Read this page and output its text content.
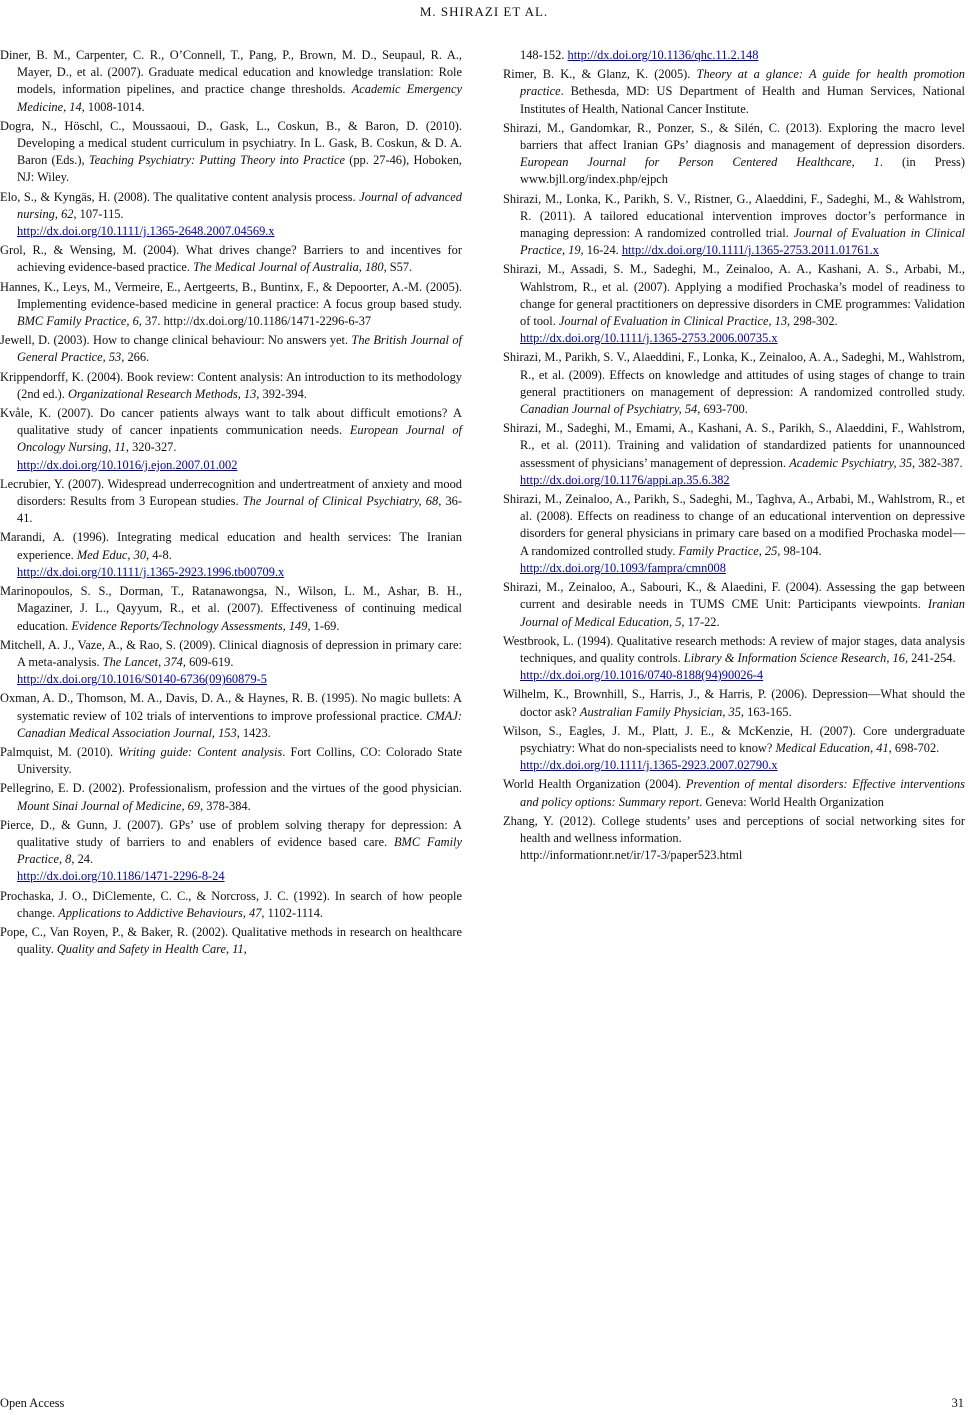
M. SHIRAZI ET AL.

Diner, B. M., Carpenter, C. R., O’Connell, T., Pang, P., Brown, M. D., Seupaul, R. A., Mayer, D., et al. (2007). Graduate medical education and knowledge translation: Role models, information pipelines, and practice change thresholds. Academic Emergency Medicine, 14, 1008-1014.

Dogra, N., Höschl, C., Moussaoui, D., Gask, L., Coskun, B., & Baron, D. (2010). Developing a medical student curriculum in psychiatry. In L. Gask, B. Coskun, & D. A. Baron (Eds.), Teaching Psychiatry: Putting Theory into Practice (pp. 27-46), Hoboken, NJ: Wiley.

Elo, S., & Kyngäs, H. (2008). The qualitative content analysis process. Journal of advanced nursing, 62, 107-115.
http://dx.doi.org/10.1111/j.1365-2648.2007.04569.x

Grol, R., & Wensing, M. (2004). What drives change? Barriers to and incentives for achieving evidence-based practice. The Medical Journal of Australia, 180, S57.

Hannes, K., Leys, M., Vermeire, E., Aertgeerts, B., Buntinx, F., & Depoorter, A.-M. (2005). Implementing evidence-based medicine in general practice: A focus group based study. BMC Family Practice, 6, 37. http://dx.doi.org/10.1186/1471-2296-6-37

Jewell, D. (2003). How to change clinical behaviour: No answers yet. The British Journal of General Practice, 53, 266.

Krippendorff, K. (2004). Book review: Content analysis: An introduction to its methodology (2nd ed.). Organizational Research Methods, 13, 392-394.

Kvåle, K. (2007). Do cancer patients always want to talk about difficult emotions? A qualitative study of cancer inpatients communication needs. European Journal of Oncology Nursing, 11, 320-327.
http://dx.doi.org/10.1016/j.ejon.2007.01.002

Lecrubier, Y. (2007). Widespread underrecognition and undertreatment of anxiety and mood disorders: Results from 3 European studies. The Journal of Clinical Psychiatry, 68, 36-41.

Marandi, A. (1996). Integrating medical education and health services: The Iranian experience. Med Educ, 30, 4-8.
http://dx.doi.org/10.1111/j.1365-2923.1996.tb00709.x

Marinopoulos, S. S., Dorman, T., Ratanawongsa, N., Wilson, L. M., Ashar, B. H., Magaziner, J. L., Qayyum, R., et al. (2007). Effectiveness of continuing medical education. Evidence Reports/Technology Assessments, 149, 1-69.

Mitchell, A. J., Vaze, A., & Rao, S. (2009). Clinical diagnosis of depression in primary care: A meta-analysis. The Lancet, 374, 609-619.
http://dx.doi.org/10.1016/S0140-6736(09)60879-5

Oxman, A. D., Thomson, M. A., Davis, D. A., & Haynes, R. B. (1995). No magic bullets: A systematic review of 102 trials of interventions to improve professional practice. CMAJ: Canadian Medical Association Journal, 153, 1423.

Palmquist, M. (2010). Writing guide: Content analysis. Fort Collins, CO: Colorado State University.

Pellegrino, E. D. (2002). Professionalism, profession and the virtues of the good physician. Mount Sinai Journal of Medicine, 69, 378-384.

Pierce, D., & Gunn, J. (2007). GPs’ use of problem solving therapy for depression: A qualitative study of barriers to and enablers of evidence based care. BMC Family Practice, 8, 24.
http://dx.doi.org/10.1186/1471-2296-8-24

Prochaska, J. O., DiClemente, C. C., & Norcross, J. C. (1992). In search of how people change. Applications to Addictive Behaviours, 47, 1102-1114.

Pope, C., Van Royen, P., & Baker, R. (2002). Qualitative methods in research on healthcare quality. Quality and Safety in Health Care, 11,

148-152. http://dx.doi.org/10.1136/qhc.11.2.148

Rimer, B. K., & Glanz, K. (2005). Theory at a glance: A guide for health promotion practice. Bethesda, MD: US Department of Health and Human Services, National Institutes of Health, National Cancer Institute.

Shirazi, M., Gandomkar, R., Ponzer, S., & Silén, C. (2013). Exploring the macro level barriers that affect Iranian GPs’ diagnosis and management of depression disorders. European Journal for Person Centered Healthcare, 1. (in Press) www.bjll.org/index.php/ejpch

Shirazi, M., Lonka, K., Parikh, S. V., Ristner, G., Alaeddini, F., Sadeghi, M., & Wahlstrom, R. (2011). A tailored educational intervention improves doctor’s performance in managing depression: A randomized controlled trial. Journal of Evaluation in Clinical Practice, 19, 16-24. http://dx.doi.org/10.1111/j.1365-2753.2011.01761.x

Shirazi, M., Assadi, S. M., Sadeghi, M., Zeinaloo, A. A., Kashani, A. S., Arbabi, M., Wahlstrom, R., et al. (2007). Applying a modified Prochaska’s model of readiness to change for general practitioners on depressive disorders in CME programmes: Validation of tool. Journal of Evaluation in Clinical Practice, 13, 298-302.
http://dx.doi.org/10.1111/j.1365-2753.2006.00735.x

Shirazi, M., Parikh, S. V., Alaeddini, F., Lonka, K., Zeinaloo, A. A., Sadeghi, M., Wahlstrom, R., et al. (2009). Effects on knowledge and attitudes of using stages of change to train general practitioners on management of depression: A randomized controlled study. Canadian Journal of Psychiatry, 54, 693-700.

Shirazi, M., Sadeghi, M., Emami, A., Kashani, A. S., Parikh, S., Alaeddini, F., Wahlstrom, R., et al. (2011). Training and validation of standardized patients for unannounced assessment of physicians’ management of depression. Academic Psychiatry, 35, 382-387.
http://dx.doi.org/10.1176/appi.ap.35.6.382

Shirazi, M., Zeinaloo, A., Parikh, S., Sadeghi, M., Taghva, A., Arbabi, M., Wahlstrom, R., et al. (2008). Effects on readiness to change of an educational intervention on depressive disorders for general physicians in primary care based on a modified Prochaska model—A randomized controlled study. Family Practice, 25, 98-104.
http://dx.doi.org/10.1093/fampra/cmn008

Shirazi, M., Zeinaloo, A., Sabouri, K., & Alaedini, F. (2004). Assessing the gap between current and desirable needs in TUMS CME Unit: Participants viewpoints. Iranian Journal of Medical Education, 5, 17-22.

Westbrook, L. (1994). Qualitative research methods: A review of major stages, data analysis techniques, and quality controls. Library & Information Science Research, 16, 241-254.
http://dx.doi.org/10.1016/0740-8188(94)90026-4

Wilhelm, K., Brownhill, S., Harris, J., & Harris, P. (2006). Depression—What should the doctor ask? Australian Family Physician, 35, 163-165.

Wilson, S., Eagles, J. M., Platt, J. E., & McKenzie, H. (2007). Core undergraduate psychiatry: What do non-specialists need to know? Medical Education, 41, 698-702.
http://dx.doi.org/10.1111/j.1365-2923.2007.02790.x

World Health Organization (2004). Prevention of mental disorders: Effective interventions and policy options: Summary report. Geneva: World Health Organization

Zhang, Y. (2012). College students’ uses and perceptions of social networking sites for health and wellness information.
http://informationr.net/ir/17-3/paper523.html

Open Access	31
